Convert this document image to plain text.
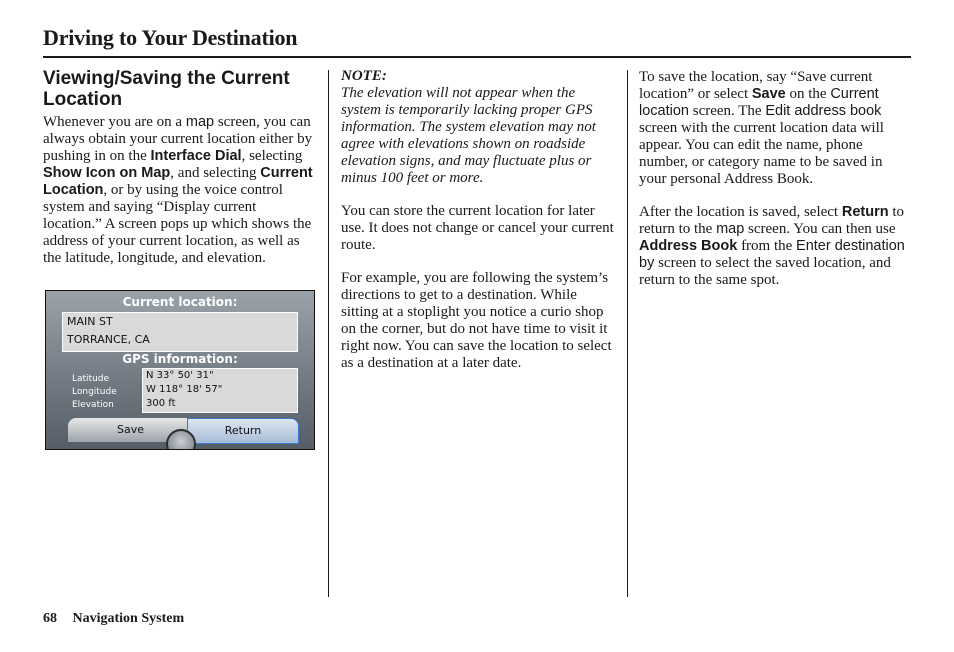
Driving to Your Destination
Viewing/Saving the Current Location

Whenever you are on a map screen, you can always obtain your current location either by pushing in on the Interface Dial, selecting Show Icon on Map, and selecting Current Location, or by using the voice control system and saying “Display current location.” A screen pops up which shows the address of your current location, as well as the latitude, longitude, and elevation.

Current location:
MAIN ST
TORRANCE, CA
GPS information:
Latitude
Longitude
Elevation
N 33° 50' 31"
W 118° 18' 57"
300 ft
Save	Return
NOTE:
The elevation will not appear when the system is temporarily lacking proper GPS information. The system elevation may not agree with elevations shown on roadside elevation signs, and may fluctuate plus or minus 100 feet or more.

You can store the current location for later use. It does not change or cancel your current route.

For example, you are following the system’s directions to get to a destination. While sitting at a stoplight you notice a curio shop on the corner, but do not have time to visit it right now. You can save the location to select as a destination at a later date.

To save the location, say “Save current location” or select Save on the Current location screen. The Edit address book screen with the current location data will appear. You can edit the name, phone number, or category name to be saved in your personal Address Book.

After the location is saved, select Return to return to the map screen. You can then use Address Book from the Enter destination by screen to select the saved location, and return to the same spot.

68 Navigation System
